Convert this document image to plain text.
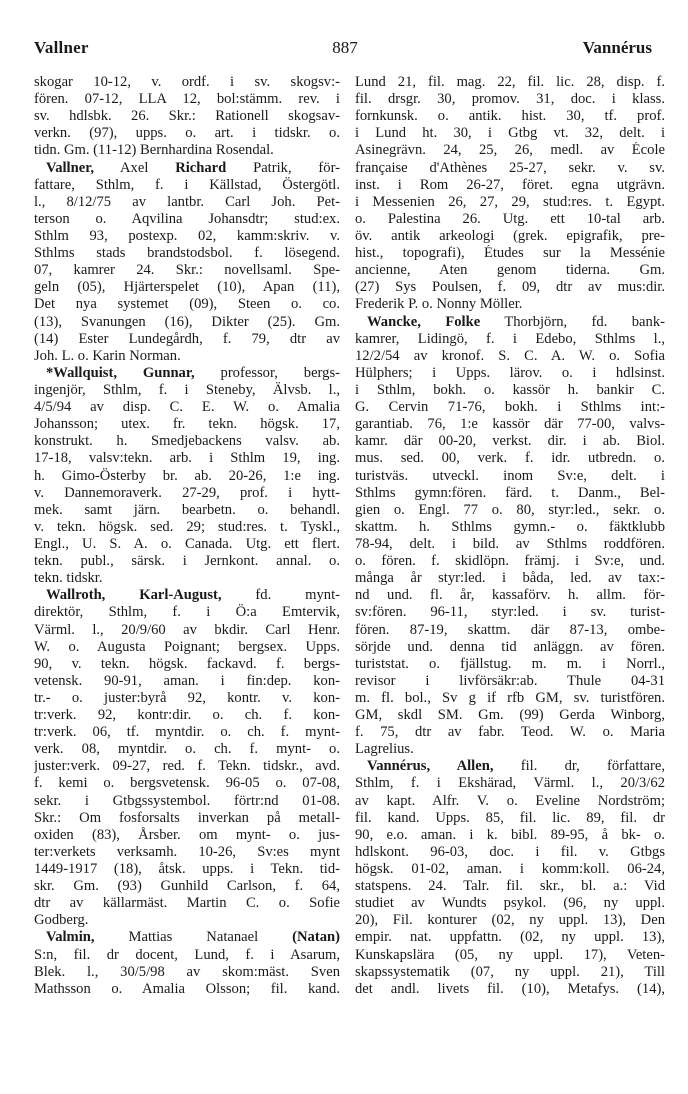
Vallner	887	Vannérus
skogar 10-12, v. ordf. i sv. skogsv:-
fören. 07-12, LLA 12, bol:stämm. rev. i
sv. hdlsbk. 26. Skr.: Rationell skogsav-
verkn. (97), upps. o. art. i tidskr. o.
tidn. Gm. (11-12) Bernhardina Rosendal.
Vallner, Axel Richard Patrik, för-
fattare, Sthlm, f. i Källstad, Östergötl.
l., 8/12/75 av lantbr. Carl Joh. Pet-
terson o. Aqvilina Johansdtr; stud:ex.
Sthlm 93, postexp. 02, kamm:skriv. v.
Sthlms stads brandstodsbol. f. lösegend.
07, kamrer 24. Skr.: novellsaml. Spe-
geln (05), Hjärterspelet (10), Apan (11),
Det nya systemet (09), Steen o. co.
(13), Svanungen (16), Dikter (25). Gm.
(14) Ester Lundegårdh, f. 79, dtr av
Joh. L. o. Karin Norman.
*Wallquist, Gunnar, professor, bergs-
ingenjör, Sthlm, f. i Steneby, Älvsb. l.,
4/5/94 av disp. C. E. W. o. Amalia
Johansson; utex. fr. tekn. högsk. 17,
konstrukt. h. Smedjebackens valsv. ab.
17-18, valsv:tekn. arb. i Sthlm 19, ing.
h. Gimo-Österby br. ab. 20-26, 1:e ing.
v. Dannemoraverk. 27-29, prof. i hytt-
mek. samt järn. bearbetn. o. behandl.
v. tekn. högsk. sed. 29; stud:res. t. Tyskl.,
Engl., U. S. A. o. Canada. Utg. ett flert.
tekn. publ., särsk. i Jernkont. annal. o.
tekn. tidskr.
Wallroth, Karl-August, fd. mynt-
direktör, Sthlm, f. i Ö:a Emtervik,
Värml. l., 20/9/60 av bkdir. Carl Henr.
W. o. Augusta Poignant; bergsex. Upps.
90, v. tekn. högsk. fackavd. f. bergs-
vetensk. 90-91, aman. i fin:dep. kon-
tr.- o. juster:byrå 92, kontr. v. kon-
tr:verk. 92, kontr:dir. o. ch. f. kon-
tr:verk. 06, tf. myntdir. o. ch. f. mynt-
verk. 08, myntdir. o. ch. f. mynt- o.
juster:verk. 09-27, red. f. Tekn. tidskr., avd.
f. kemi o. bergsvetensk. 96-05 o. 07-08,
sekr. i Gtbgssystembol. förtr:nd 01-08.
Skr.: Om fosforsalts inverkan på metall-
oxiden (83), Årsber. om mynt- o. jus-
ter:verkets verksamh. 10-26, Sv:es mynt
1449-1917 (18), åtsk. upps. i Tekn. tid-
skr. Gm. (93) Gunhild Carlson, f. 64,
dtr av källarmäst. Martin C. o. Sofie
Godberg.
Valmin, Mattias Natanael (Natan)
S:n, fil. dr docent, Lund, f. i Asarum,
Blek. l., 30/5/98 av skom:mäst. Sven
Mathsson o. Amalia Olsson; fil. kand.
Lund 21, fil. mag. 22, fil. lic. 28, disp. f.
fil. drsgr. 30, promov. 31, doc. i klass.
fornkunsk. o. antik. hist. 30, tf. prof.
i Lund ht. 30, i Gtbg vt. 32, delt. i
Asinegrävn. 24, 25, 26, medl. av École
française d'Athènes 25-27, sekr. v. sv.
inst. i Rom 26-27, föret. egna utgrävn.
i Messenien 26, 27, 29, stud:res. t. Egypt.
o. Palestina 26. Utg. ett 10-tal arb.
öv. antik arkeologi (grek. epigrafik, pre-
hist., topografi), Études sur la Messénie
ancienne, Aten genom tiderna. Gm.
(27) Sys Poulsen, f. 09, dtr av mus:dir.
Frederik P. o. Nonny Möller.
Wancke, Folke Thorbjörn, fd. bank-
kamrer, Lidingö, f. i Edebo, Sthlms l.,
12/2/54 av kronof. S. C. A. W. o. Sofia
Hülphers; i Upps. lärov. o. i hdlsinst.
i Sthlm, bokh. o. kassör h. bankir C.
G. Cervin 71-76, bokh. i Sthlms int:-
garantiab. 76, 1:e kassör där 77-00, valvs-
kamr. där 00-20, verkst. dir. i ab. Biol.
mus. sed. 00, verk. f. idr. utbredn. o.
turistväs. utveckl. inom Sv:e, delt. i
Sthlms gymn:fören. färd. t. Danm., Bel-
gien o. Engl. 77 o. 80, styr:led., sekr. o.
skattm. h. Sthlms gymn.- o. fäktklubb
78-94, delt. i bild. av Sthlms roddfören.
o. fören. f. skidlöpn. främj. i Sv:e, und.
många år styr:led. i båda, led. av tax:-
nd und. fl. år, kassaförv. h. allm. för-
sv:fören. 96-11, styr:led. i sv. turist-
fören. 87-19, skattm. där 87-13, ombe-
sörjde und. denna tid anläggn. av fören.
turiststat. o. fjällstug. m. m. i Norrl.,
revisor i livförsäkr:ab. Thule 04-31
m. fl. bol., Sv g if rfb GM, sv. turistfören.
GM, skdl SM. Gm. (99) Gerda Winborg,
f. 75, dtr av fabr. Teod. W. o. Maria
Lagrelius.
Vannérus, Allen, fil. dr, författare,
Sthlm, f. i Ekshärad, Värml. l., 20/3/62
av kapt. Alfr. V. o. Eveline Nordström;
fil. kand. Upps. 85, fil. lic. 89, fil. dr
90, e.o. aman. i k. bibl. 89-95, å bk- o.
hdlskont. 96-03, doc. i fil. v. Gtbgs
högsk. 01-02, aman. i komm:koll. 06-24,
statspens. 24. Talr. fil. skr., bl. a.: Vid
studiet av Wundts psykol. (96, ny uppl.
20), Fil. konturer (02, ny uppl. 13), Den
empir. nat. uppfattn. (02, ny uppl. 13),
Kunskapslära (05, ny uppl. 17), Veten-
skapssystematik (07, ny uppl. 21), Till
det andl. livets fil. (10), Metafys. (14),
